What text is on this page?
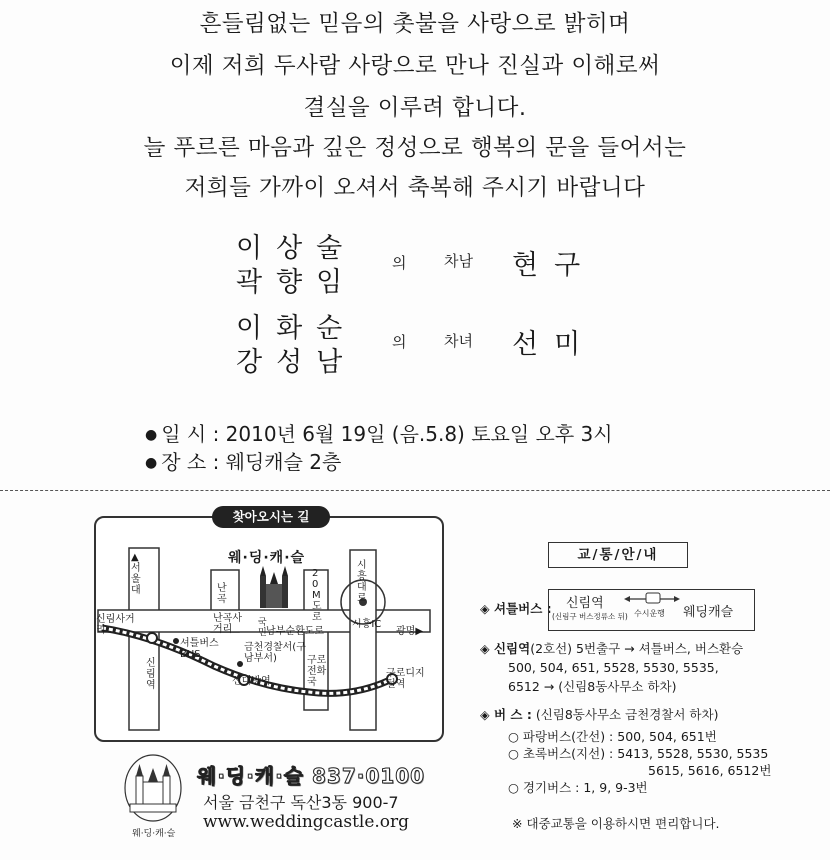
흔들림없는 믿음의 촛불을 사랑으로 밝히며
이제 저희 두사람 사랑으로 만나 진실과 이해로써
결실을 이루려 합니다.
늘 푸르른 마음과 깊은 정성으로 행복의 문을 들어서는
저희들 가까이 오셔서 축복해 주시기 바랍니다
이상술
곽향임
의	차남 현구
이화순
강성남
의	차녀 선미
● 일 시 : 2010년 6월 19일 (음.5.8) 토요일 오후 3시
● 장 소 : 웨딩캐슬 2층
찾아오시는 길
웨·딩·캐·슬
▲서울대
신림사거리
난곡
난곡사거리
국민
셔틀버스BUS
금천경찰서(구남부서)
신림역	신대방역
20M도로
남부순환도로
시흥대로
시흥IC
광명▶
구로전화국
구로디지털역
교/통/안/내
◈ 셔틀버스 : 신림역
(신림구 버스정류소 뒤) 수시운행 웨딩캐슬
◈ 신림역(2호선) 5번출구 → 셔틀버스, 버스환승
500, 504, 651, 5528, 5530, 5535,
6512 → (신림8동사무소 하차)
◈ 버 스 : (신림8동사무소 금천경찰서 하차)
○ 파랑버스(간선) : 500, 504, 651번
○ 초록버스(지선) : 5413, 5528, 5530, 5535
5615, 5616, 6512번
○ 경기버스 : 1, 9, 9-3번
※ 대중교통을 이용하시면 편리합니다.
웨·딩·캐·슬
웨·딩·캐·슬 837·0100
서울 금천구 독산3동 900-7
www.weddingcastle.org
